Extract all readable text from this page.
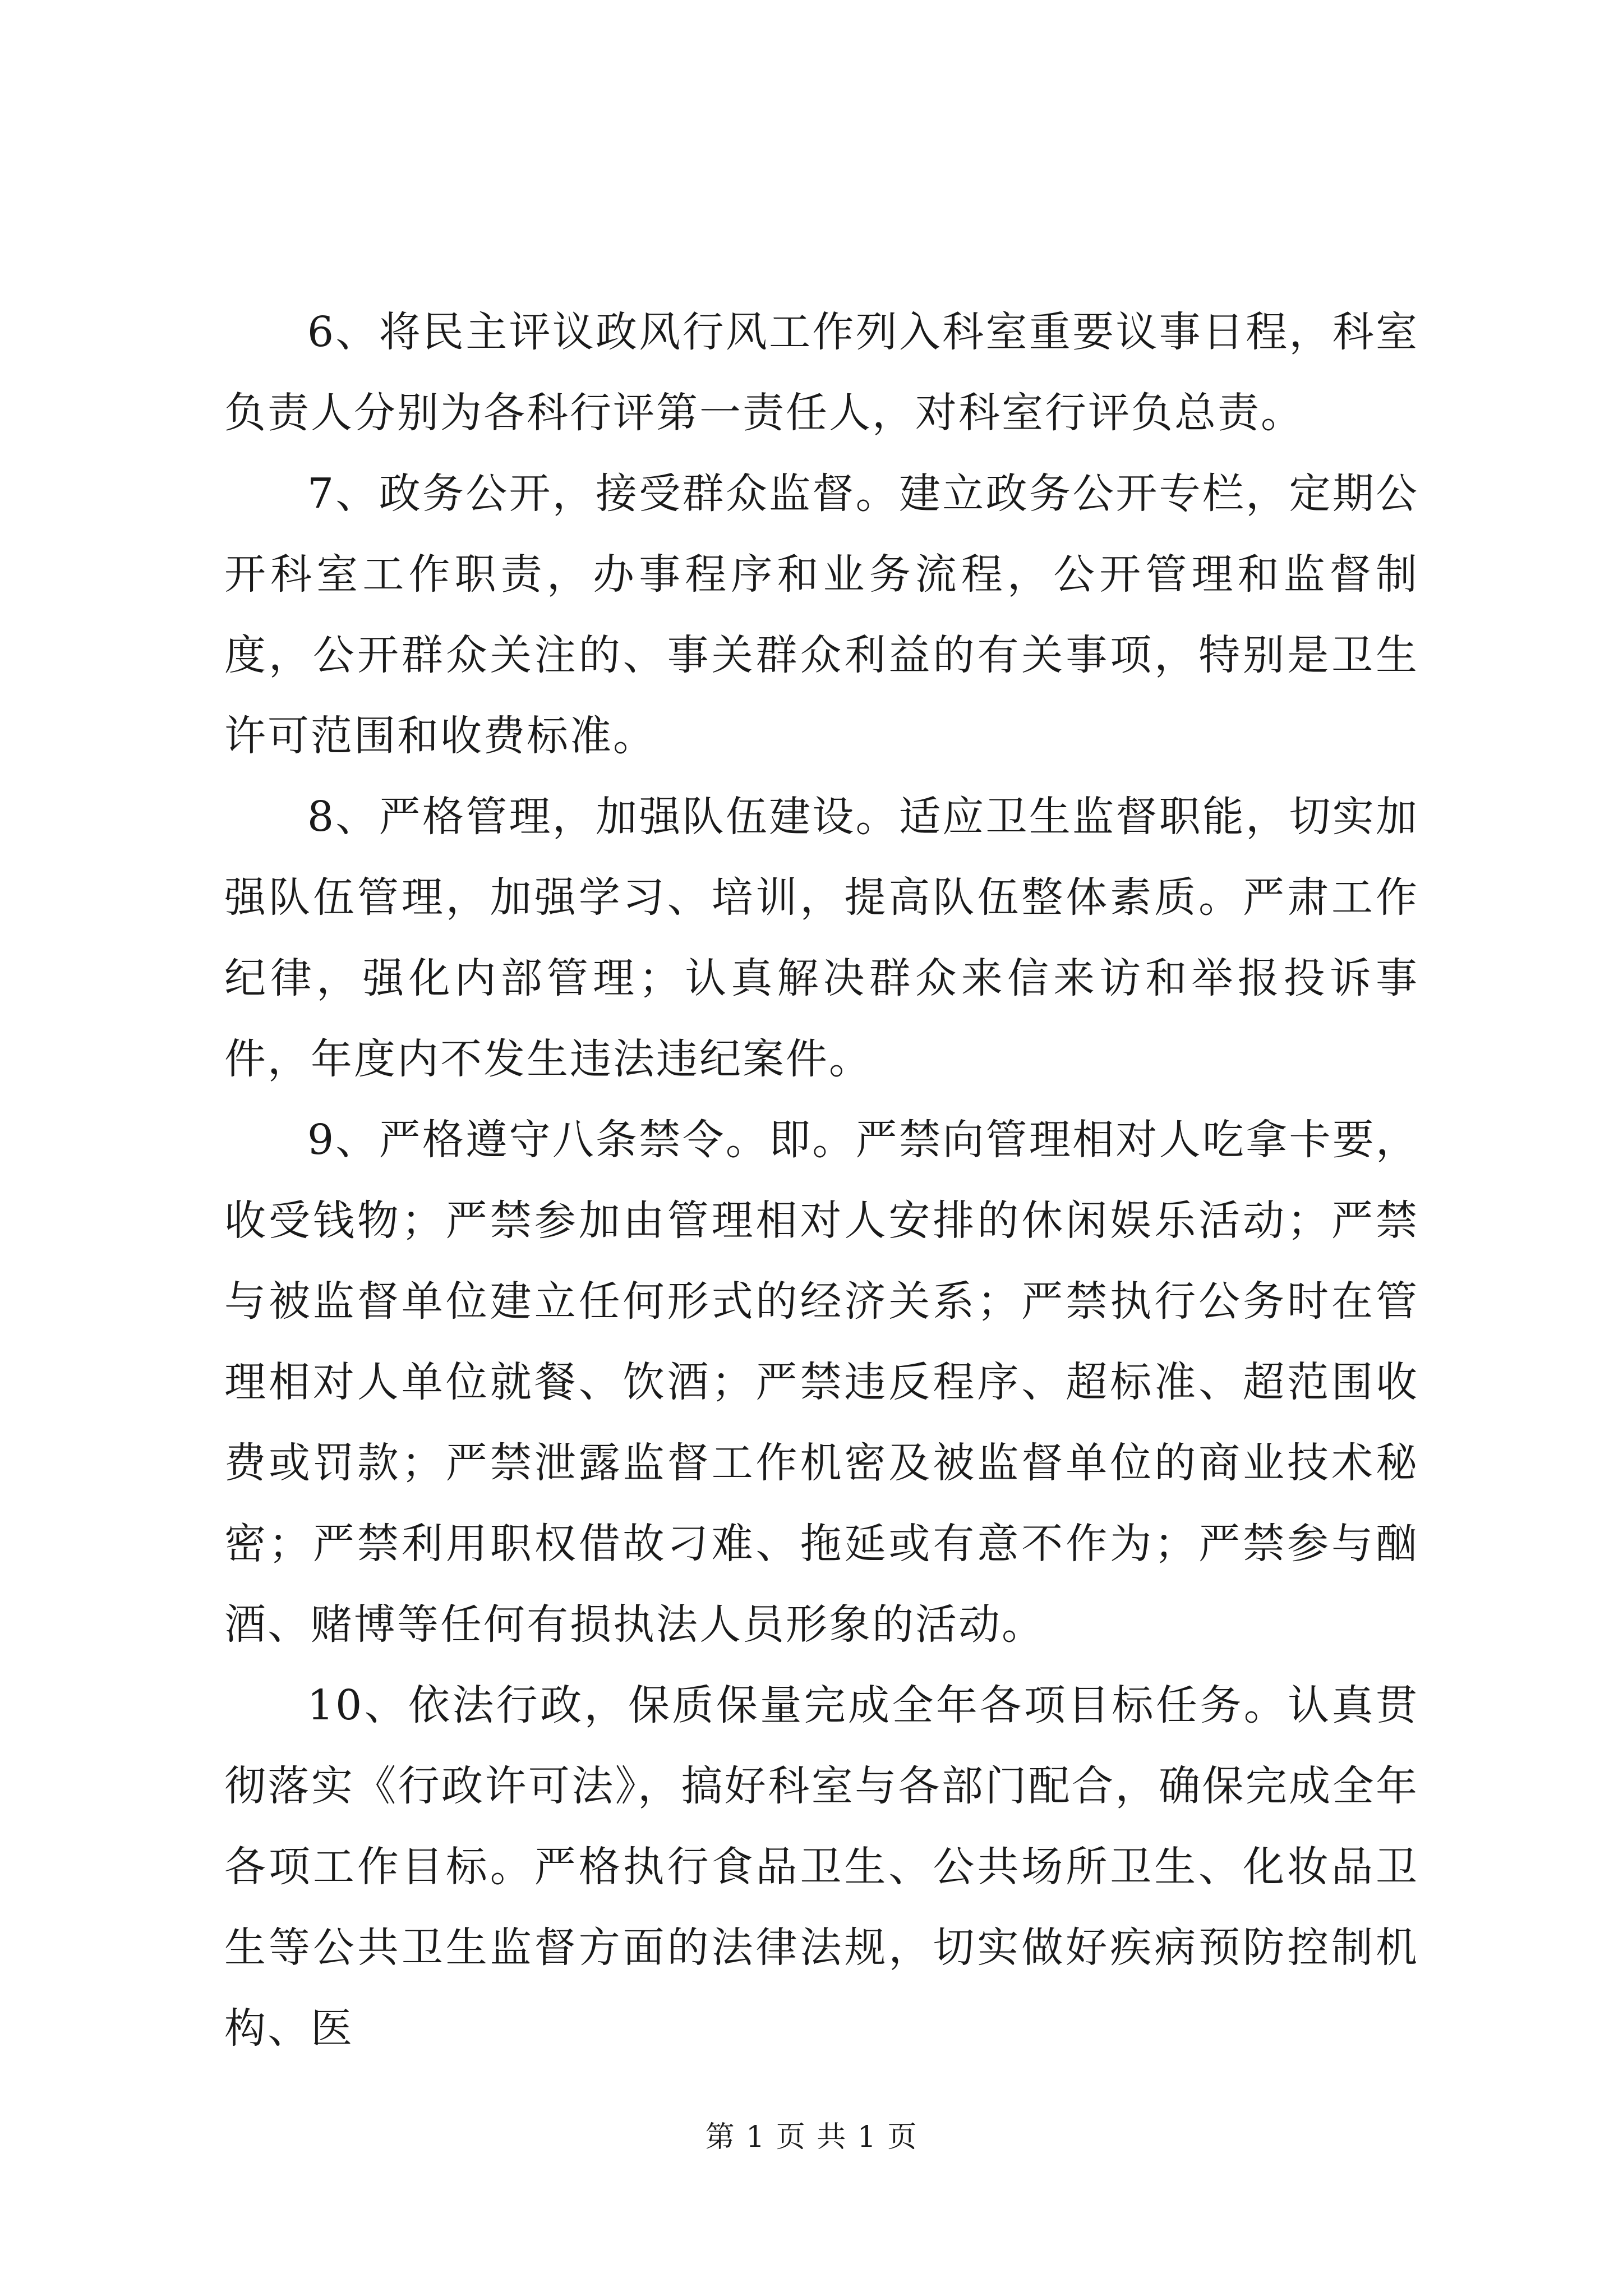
6、将民主评议政风行风工作列入科室重要议事日程，科室负责人分别为各科行评第一责任人，对科室行评负总责。

7、政务公开，接受群众监督。建立政务公开专栏，定期公开科室工作职责，办事程序和业务流程，公开管理和监督制度，公开群众关注的、事关群众利益的有关事项，特别是卫生许可范围和收费标准。

8、严格管理，加强队伍建设。适应卫生监督职能，切实加强队伍管理，加强学习、培训，提高队伍整体素质。严肃工作纪律，强化内部管理；认真解决群众来信来访和举报投诉事件，年度内不发生违法违纪案件。

9、严格遵守八条禁令。即。严禁向管理相对人吃拿卡要，收受钱物；严禁参加由管理相对人安排的休闲娱乐活动；严禁与被监督单位建立任何形式的经济关系；严禁执行公务时在管理相对人单位就餐、饮酒；严禁违反程序、超标准、超范围收费或罚款；严禁泄露监督工作机密及被监督单位的商业技术秘密；严禁利用职权借故刁难、拖延或有意不作为；严禁参与酗酒、赌博等任何有损执法人员形象的活动。

10、依法行政，保质保量完成全年各项目标任务。认真贯彻落实《行政许可法》，搞好科室与各部门配合，确保完成全年各项工作目标。严格执行食品卫生、公共场所卫生、化妆品卫生等公共卫生监督方面的法律法规，切实做好疾病预防控制机构、医

第 1 页 共 1 页
